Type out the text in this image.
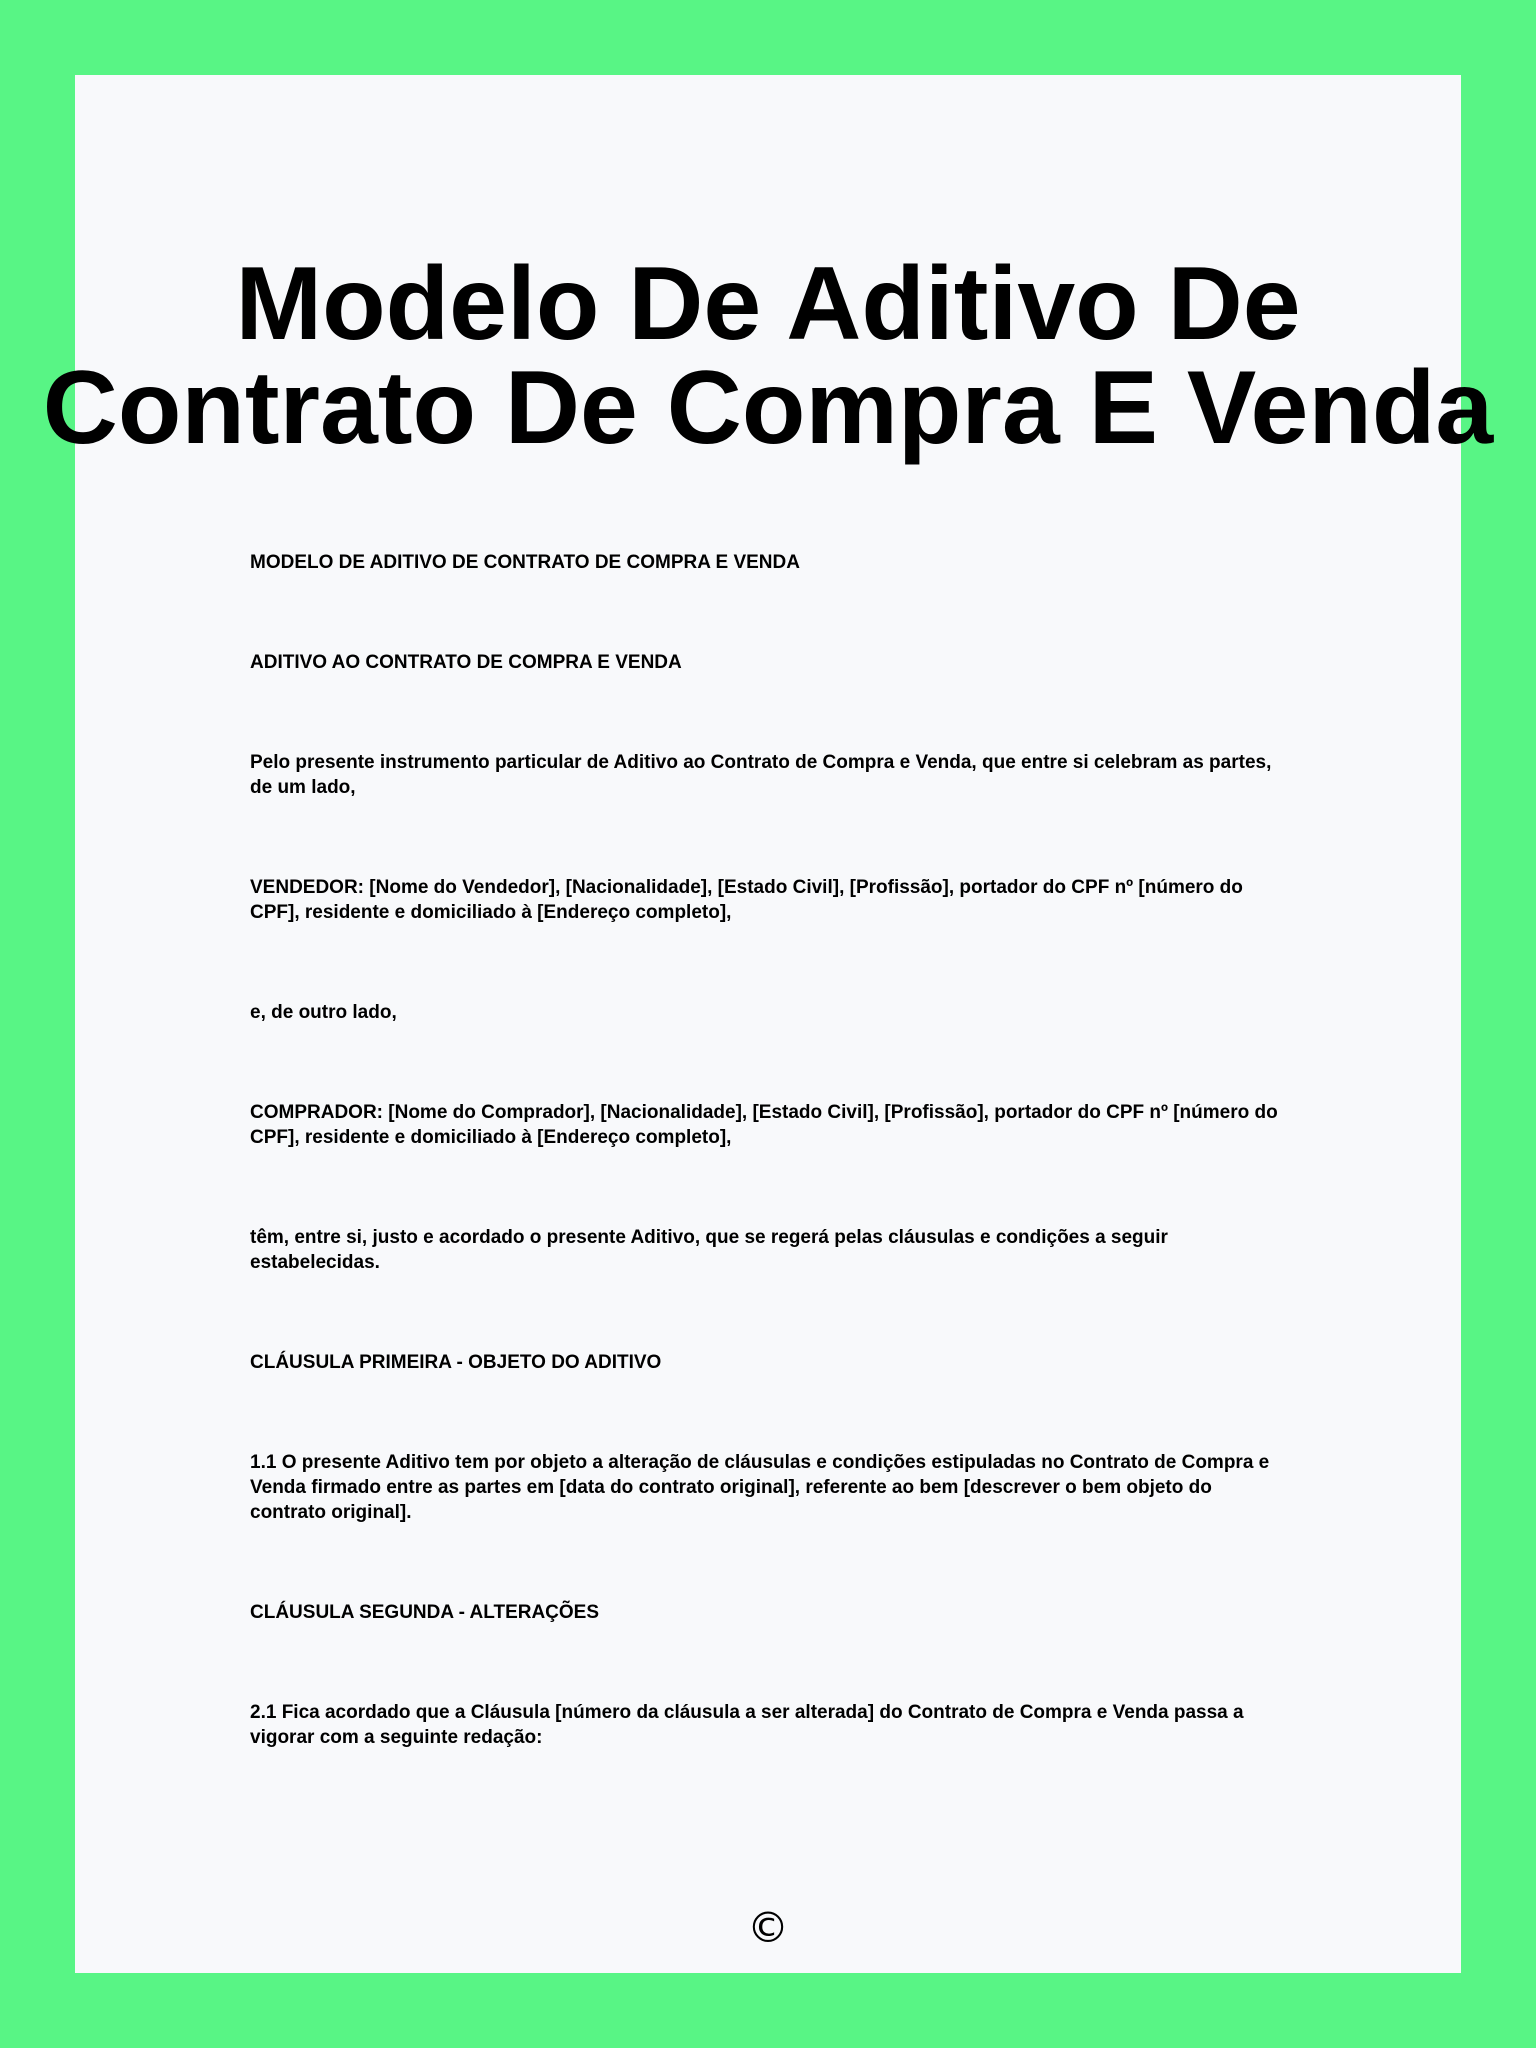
Modelo De Aditivo De
Contrato De Compra E Venda

MODELO DE ADITIVO DE CONTRATO DE COMPRA E VENDA

ADITIVO AO CONTRATO DE COMPRA E VENDA

Pelo presente instrumento particular de Aditivo ao Contrato de Compra e Venda, que entre si celebram as partes, de um lado,

VENDEDOR: [Nome do Vendedor], [Nacionalidade], [Estado Civil], [Profissão], portador do CPF nº [número do CPF], residente e domiciliado à [Endereço completo],

e, de outro lado,

COMPRADOR: [Nome do Comprador], [Nacionalidade], [Estado Civil], [Profissão], portador do CPF nº [número do CPF], residente e domiciliado à [Endereço completo],

têm, entre si, justo e acordado o presente Aditivo, que se regerá pelas cláusulas e condições a seguir estabelecidas.

CLÁUSULA PRIMEIRA - OBJETO DO ADITIVO

1.1 O presente Aditivo tem por objeto a alteração de cláusulas e condições estipuladas no Contrato de Compra e Venda firmado entre as partes em [data do contrato original], referente ao bem [descrever o bem objeto do contrato original].

CLÁUSULA SEGUNDA - ALTERAÇÕES

2.1 Fica acordado que a Cláusula [número da cláusula a ser alterada] do Contrato de Compra e Venda passa a vigorar com a seguinte redação:

©
